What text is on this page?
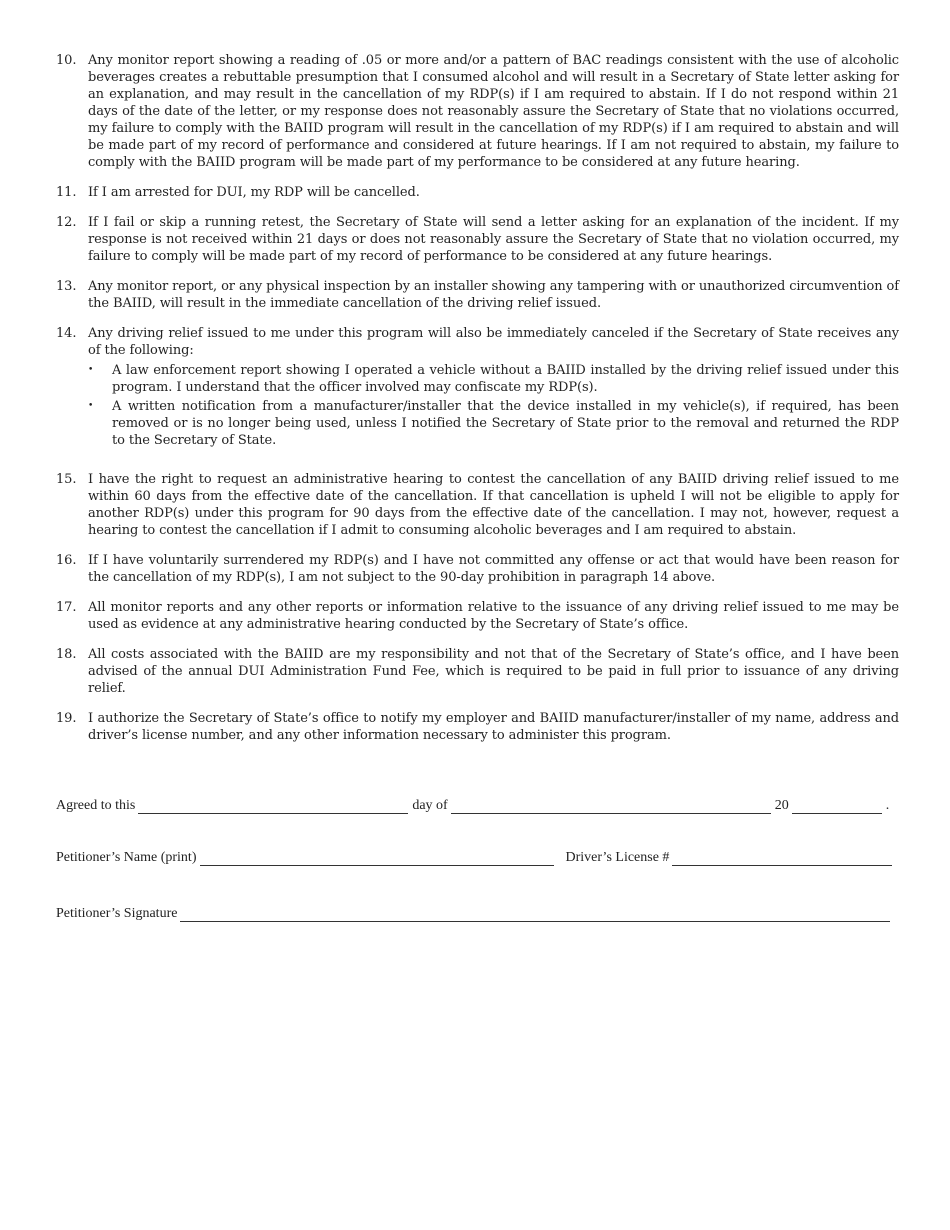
10. Any monitor report showing a reading of .05 or more and/or a pattern of BAC readings consistent with the use of alcoholic beverages creates a rebuttable presumption that I consumed alcohol and will result in a Secretary of State letter asking for an explanation, and may result in the cancellation of my RDP(s) if I am required to abstain. If I do not respond within 21 days of the date of the letter, or my response does not reasonably assure the Secretary of State that no violations occurred, my failure to comply with the BAIID program will result in the cancellation of my RDP(s) if I am required to abstain and will be made part of my record of performance and considered at future hearings. If I am not required to abstain, my failure to comply with the BAIID program will be made part of my performance to be considered at any future hearing.
11. If I am arrested for DUI, my RDP will be cancelled.
12. If I fail or skip a running retest, the Secretary of State will send a letter asking for an explanation of the incident. If my response is not received within 21 days or does not reasonably assure the Secretary of State that no violation occurred, my failure to comply will be made part of my record of performance to be considered at any future hearings.
13. Any monitor report, or any physical inspection by an installer showing any tampering with or unauthorized circumvention of the BAIID, will result in the immediate cancellation of the driving relief issued.
14. Any driving relief issued to me under this program will also be immediately canceled if the Secretary of State receives any of the following:
•	A law enforcement report showing I operated a vehicle without a BAIID installed by the driving relief issued under this program. I understand that the officer involved may confiscate my RDP(s).
•	A written notification from a manufacturer/installer that the device installed in my vehicle(s), if required, has been removed or is no longer being used, unless I notified the Secretary of State prior to the removal and returned the RDP to the Secretary of State.
15. I have the right to request an administrative hearing to contest the cancellation of any BAIID driving relief issued to me within 60 days from the effective date of the cancellation. If that cancellation is upheld I will not be eligible to apply for another RDP(s) under this program for 90 days from the effective date of the cancellation. I may not, however, request a hearing to contest the cancellation if I admit to consuming alcoholic beverages and I am required to abstain.
16. If I have voluntarily surrendered my RDP(s) and I have not committed any offense or act that would have been reason for the cancellation of my RDP(s), I am not subject to the 90-day prohibition in paragraph 14 above.
17. All monitor reports and any other reports or information relative to the issuance of any driving relief issued to me may be used as evidence at any administrative hearing conducted by the Secretary of State’s office.
18. All costs associated with the BAIID are my responsibility and not that of the Secretary of State’s office, and I have been advised of the annual DUI Administration Fund Fee, which is required to be paid in full prior to issuance of any driving relief.
19. I authorize the Secretary of State’s office to notify my employer and BAIID manufacturer/installer of my name, address and driver’s license number, and any other information necessary to administer this program.
Agreed to this	day of	20	.
Petitioner’s Name (print)	Driver’s License #
Petitioner’s Signature
